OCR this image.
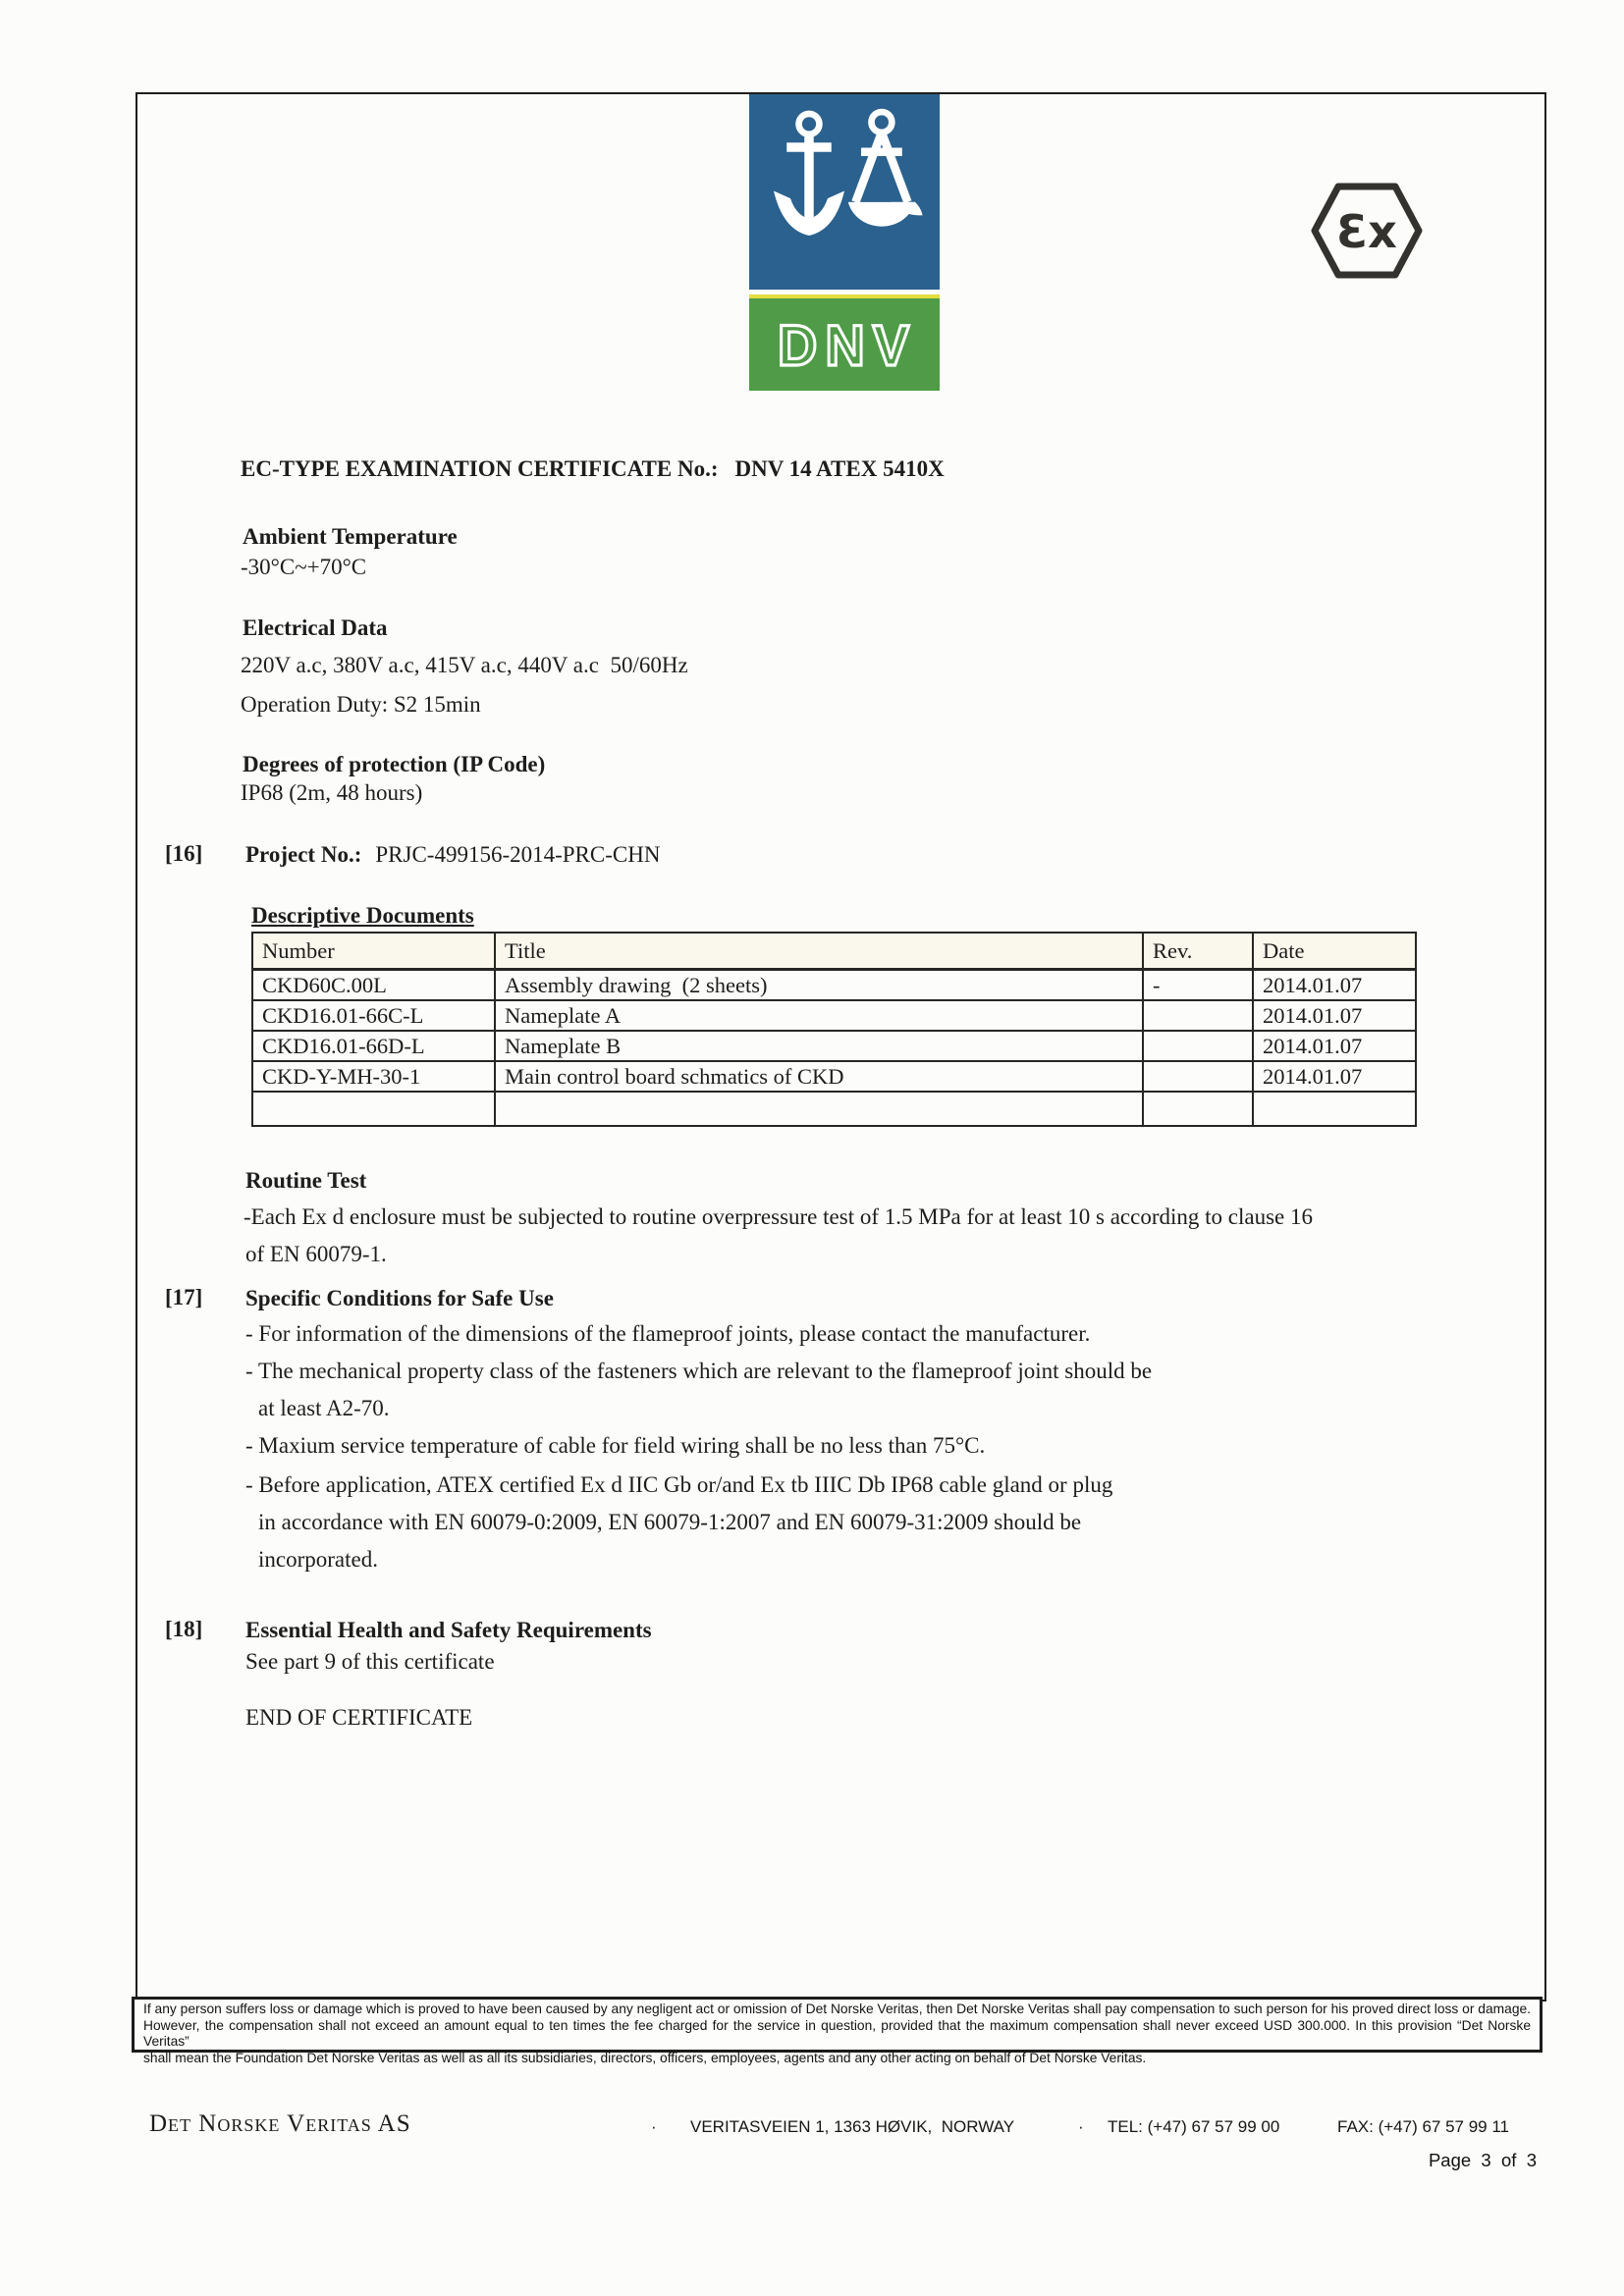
DNV
Ɛx
EC-TYPE EXAMINATION CERTIFICATE No.: DNV 14 ATEX 5410X
Ambient Temperature
-30°C~+70°C
Electrical Data
220V a.c, 380V a.c, 415V a.c, 440V a.c  50/60Hz
Operation Duty: S2 15min
Degrees of protection (IP Code)
IP68 (2m, 48 hours)
[16] Project No.: PRJC-499156-2014-PRC-CHN
Descriptive Documents
Number	Title	Rev.	Date
CKD60C.00L	Assembly drawing  (2 sheets)	-	2014.01.07
CKD16.01-66C-L	Nameplate A		2014.01.07
CKD16.01-66D-L	Nameplate B		2014.01.07
CKD-Y-MH-30-1	Main control board schmatics of CKD		2014.01.07

Routine Test
-Each Ex d enclosure must be subjected to routine overpressure test of 1.5 MPa for at least 10 s according to clause 16
of EN 60079-1.
[17] Specific Conditions for Safe Use
- For information of the dimensions of the flameproof joints, please contact the manufacturer.
- The mechanical property class of the fasteners which are relevant to the flameproof joint should be
at least A2-70.
- Maxium service temperature of cable for field wiring shall be no less than 75°C.
- Before application, ATEX certified Ex d IIC Gb or/and Ex tb IIIC Db IP68 cable gland or plug
in accordance with EN 60079-0:2009, EN 60079-1:2007 and EN 60079-31:2009 should be
incorporated.
[18] Essential Health and Safety Requirements
See part 9 of this certificate
END OF CERTIFICATE
If any person suffers loss or damage which is proved to have been caused by any negligent act or omission of Det Norske Veritas, then Det Norske Veritas shall pay compensation to such person for his proved direct loss or damage.
However, the compensation shall not exceed an amount equal to ten times the fee charged for the service in question, provided that the maximum compensation shall never exceed USD 300.000. In this provision “Det Norske Veritas”
shall mean the Foundation Det Norske Veritas as well as all its subsidiaries, directors, officers, employees, agents and any other acting on behalf of Det Norske Veritas.
Det Norske Veritas AS	· VERITASVEIEN 1, 1363 HØVIK,  NORWAY	· TEL: (+47) 67 57 99 00	FAX: (+47) 67 57 99 11
Page  3  of  3
